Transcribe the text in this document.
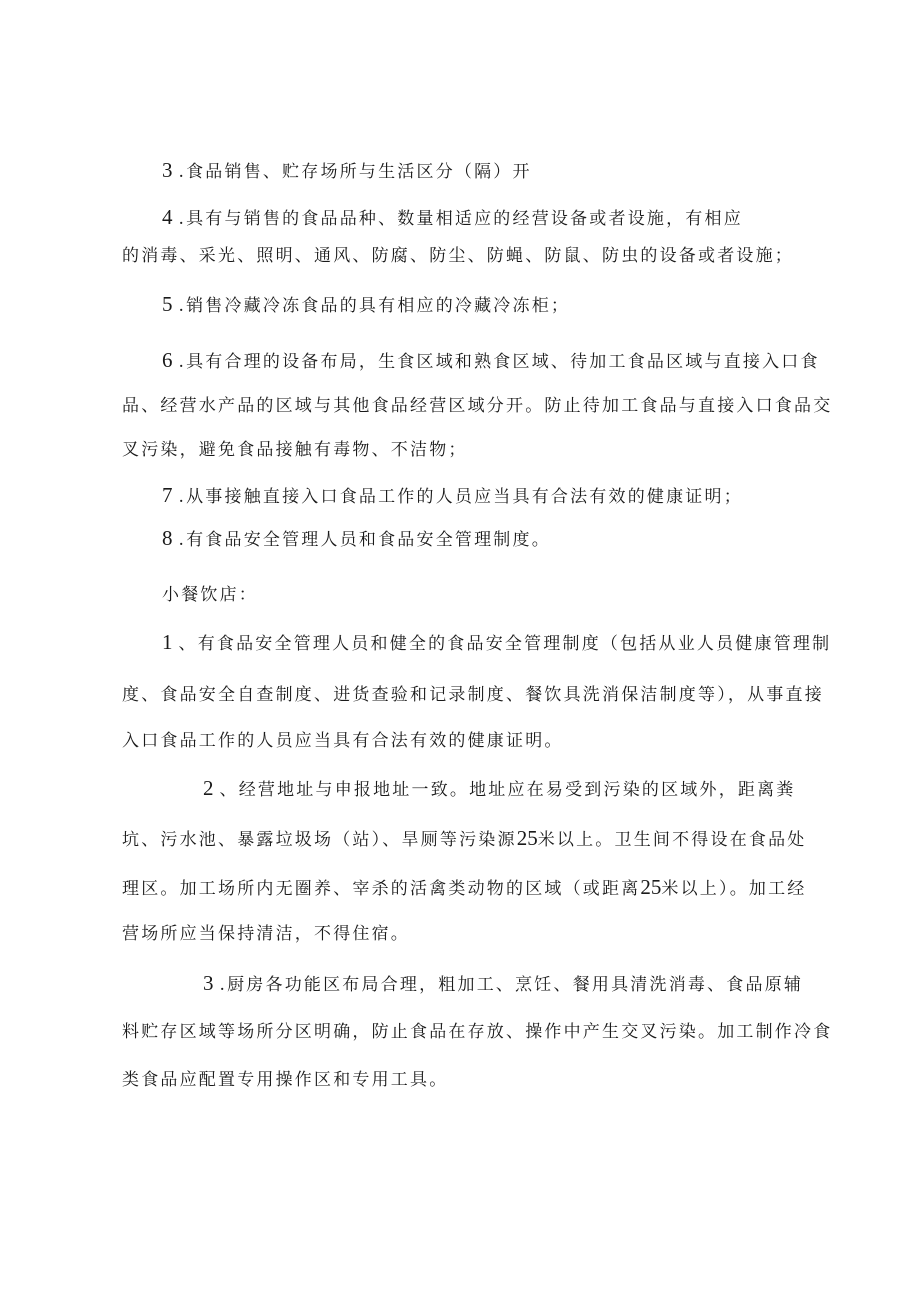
3 .食品销售、贮存场所与生活区分（隔）开
4 .具有与销售的食品品种、数量相适应的经营设备或者设施，有相应
的消毒、采光、照明、通风、防腐、防尘、防蝇、防鼠、防虫的设备或者设施；
5 .销售冷藏冷冻食品的具有相应的冷藏冷冻柜；
6 .具有合理的设备布局，生食区域和熟食区域、待加工食品区域与直接入口食
品、经营水产品的区域与其他食品经营区域分开。防止待加工食品与直接入口食品交
叉污染，避免食品接触有毒物、不洁物；
7 .从事接触直接入口食品工作的人员应当具有合法有效的健康证明；
8 .有食品安全管理人员和食品安全管理制度。
小餐饮店：
1 、有食品安全管理人员和健全的食品安全管理制度（包括从业人员健康管理制
度、食品安全自查制度、进货查验和记录制度、餐饮具洗消保洁制度等），从事直接
入口食品工作的人员应当具有合法有效的健康证明。
2 、经营地址与申报地址一致。地址应在易受到污染的区域外，距离粪
坑、污水池、暴露垃圾场（站）、旱厕等污染源25米以上。卫生间不得设在食品处
理区。加工场所内无圈养、宰杀的活禽类动物的区域（或距离25米以上）。加工经
营场所应当保持清洁，不得住宿。
3 .厨房各功能区布局合理，粗加工、烹饪、餐用具清洗消毒、食品原辅
料贮存区域等场所分区明确，防止食品在存放、操作中产生交叉污染。加工制作冷食
类食品应配置专用操作区和专用工具。
